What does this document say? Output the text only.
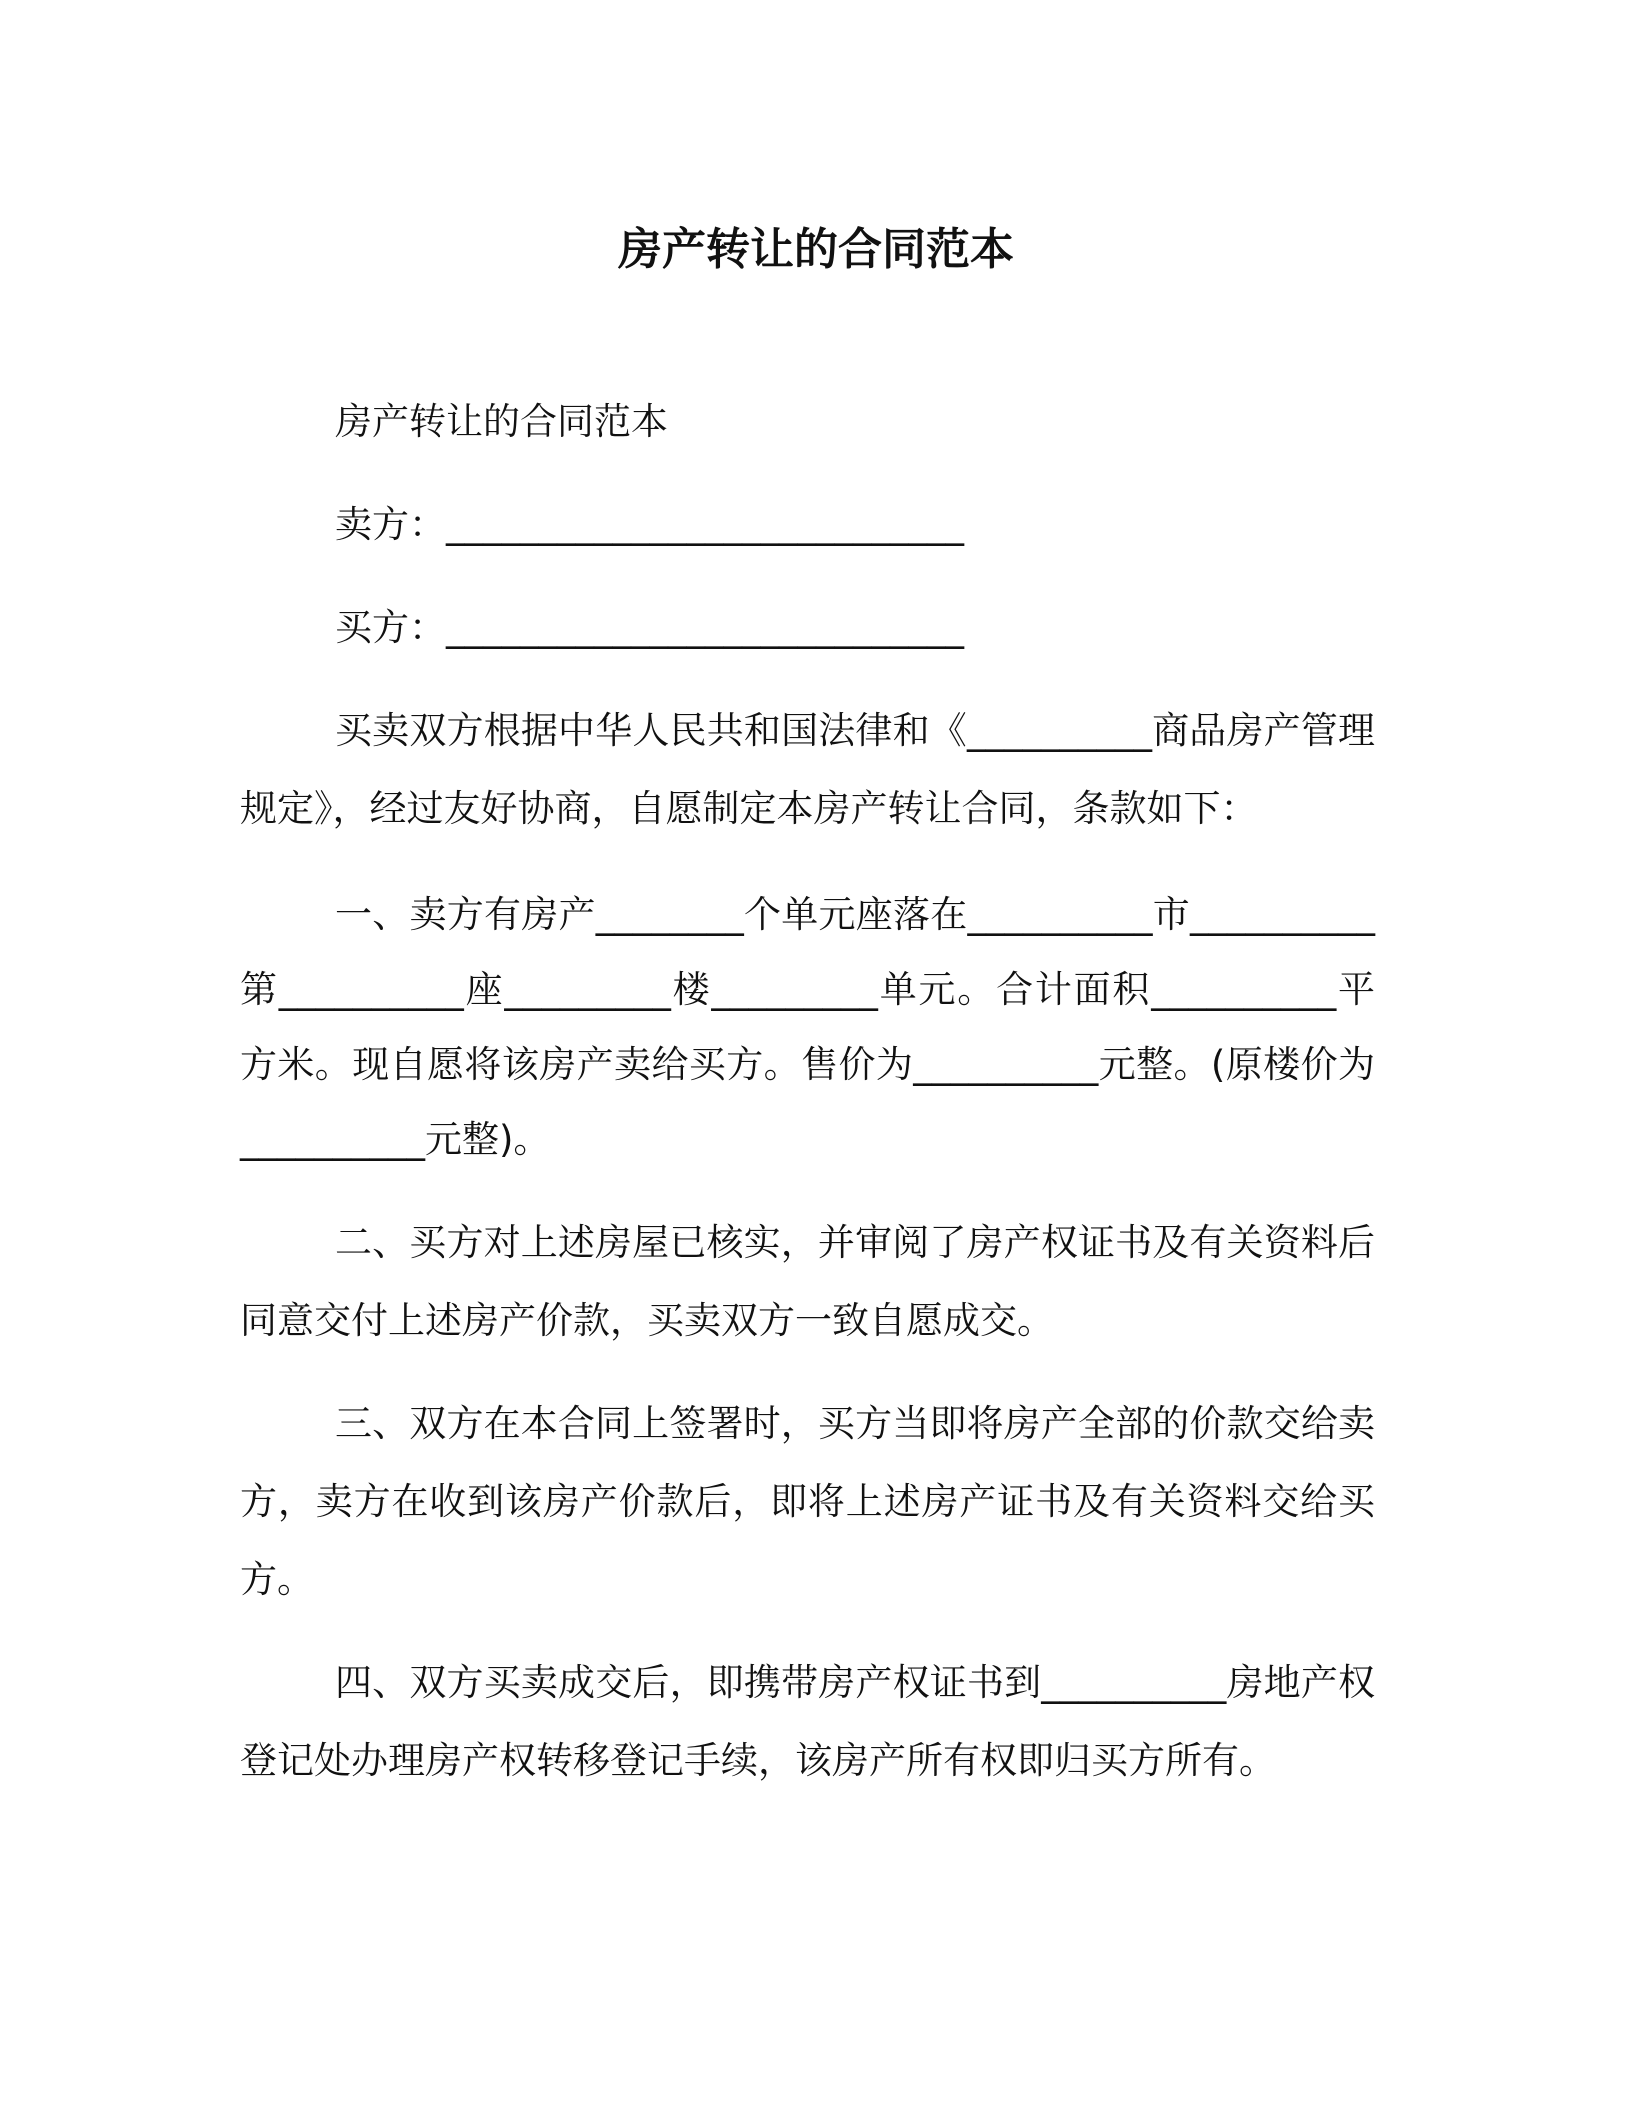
房产转让的合同范本
房产转让的合同范本
卖方：____________________________
买方：____________________________
买卖双方根据中华人民共和国法律和《__________商品房产管理
规定》，经过友好协商，自愿制定本房产转让合同，条款如下：
一、卖方有房产________个单元座落在__________市__________
第__________座_________楼_________单元。合计面积__________平
方米。现自愿将该房产卖给买方。售价为__________元整。(原楼价为
__________元整)。
二、买方对上述房屋已核实，并审阅了房产权证书及有关资料后
同意交付上述房产价款，买卖双方一致自愿成交。
三、双方在本合同上签署时，买方当即将房产全部的价款交给卖
方，卖方在收到该房产价款后，即将上述房产证书及有关资料交给买
方。
四、双方买卖成交后，即携带房产权证书到__________房地产权
登记处办理房产权转移登记手续，该房产所有权即归买方所有。
